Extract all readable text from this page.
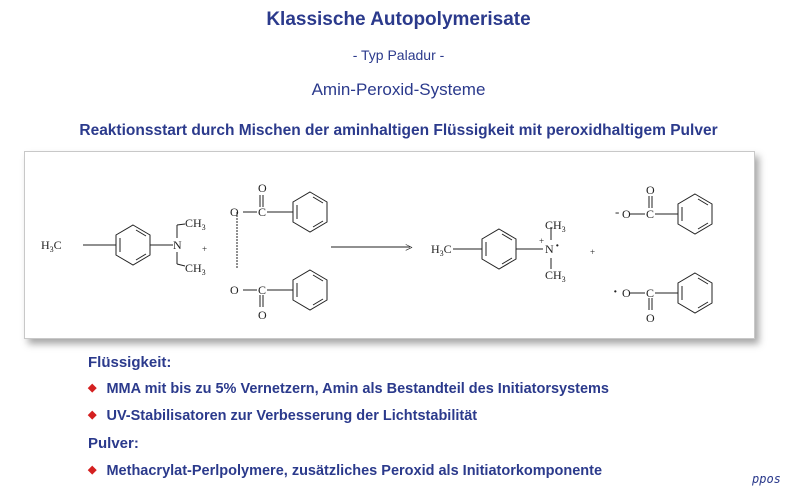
Klassische Autopolymerisate
- Typ Paladur -
Amin-Peroxid-Systeme
Reaktionsstart durch Mischen der aminhaltigen Flüssigkeit mit peroxidhaltigem Pulver
$H_3C$	N
$CH_3$
$CH_3$
+
O C
O
O C
O
> $H_3C$	N
+ ·
$CH_3$
$CH_3$
+
- O C
O
· O C
O
Flüssigkeit:
◆ MMA mit bis zu 5% Vernetzern, Amin als Bestandteil des Initiatorsystems
◆ UV-Stabilisatoren zur Verbesserung der Lichtstabilität
Pulver:
◆ Methacrylat-Perlpolymere, zusätzliches Peroxid als Initiatorkomponente	ppos
